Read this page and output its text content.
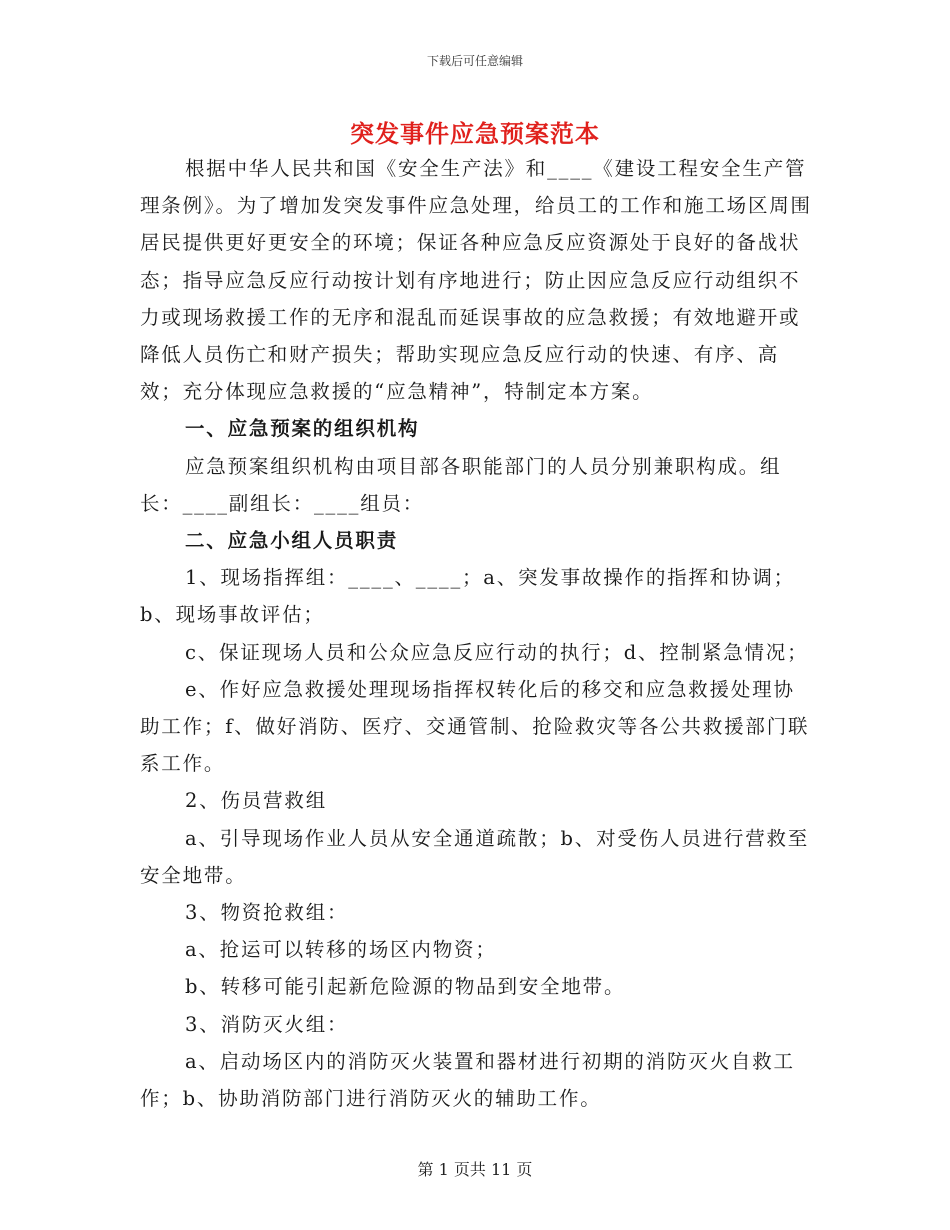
下载后可任意编辑
突发事件应急预案范本

根据中华人民共和国《安全生产法》和____《建设工程安全生产管理条例》。为了增加发突发事件应急处理，给员工的工作和施工场区周围居民提供更好更安全的环境；保证各种应急反应资源处于良好的备战状态；指导应急反应行动按计划有序地进行；防止因应急反应行动组织不力或现场救援工作的无序和混乱而延误事故的应急救援；有效地避开或降低人员伤亡和财产损失；帮助实现应急反应行动的快速、有序、高效；充分体现应急救援的“应急精神”，特制定本方案。

一、应急预案的组织机构

应急预案组织机构由项目部各职能部门的人员分别兼职构成。组长：____副组长：____组员：

二、应急小组人员职责

1、现场指挥组：____、____；a、突发事故操作的指挥和协调；b、现场事故评估；

c、保证现场人员和公众应急反应行动的执行；d、控制紧急情况；

e、作好应急救援处理现场指挥权转化后的移交和应急救援处理协助工作；f、做好消防、医疗、交通管制、抢险救灾等各公共救援部门联系工作。

2、伤员营救组

a、引导现场作业人员从安全通道疏散；b、对受伤人员进行营救至安全地带。

3、物资抢救组：

a、抢运可以转移的场区内物资；

b、转移可能引起新危险源的物品到安全地带。

3、消防灭火组：

a、启动场区内的消防灭火装置和器材进行初期的消防灭火自救工作；b、协助消防部门进行消防灭火的辅助工作。

第 1 页共 11 页
